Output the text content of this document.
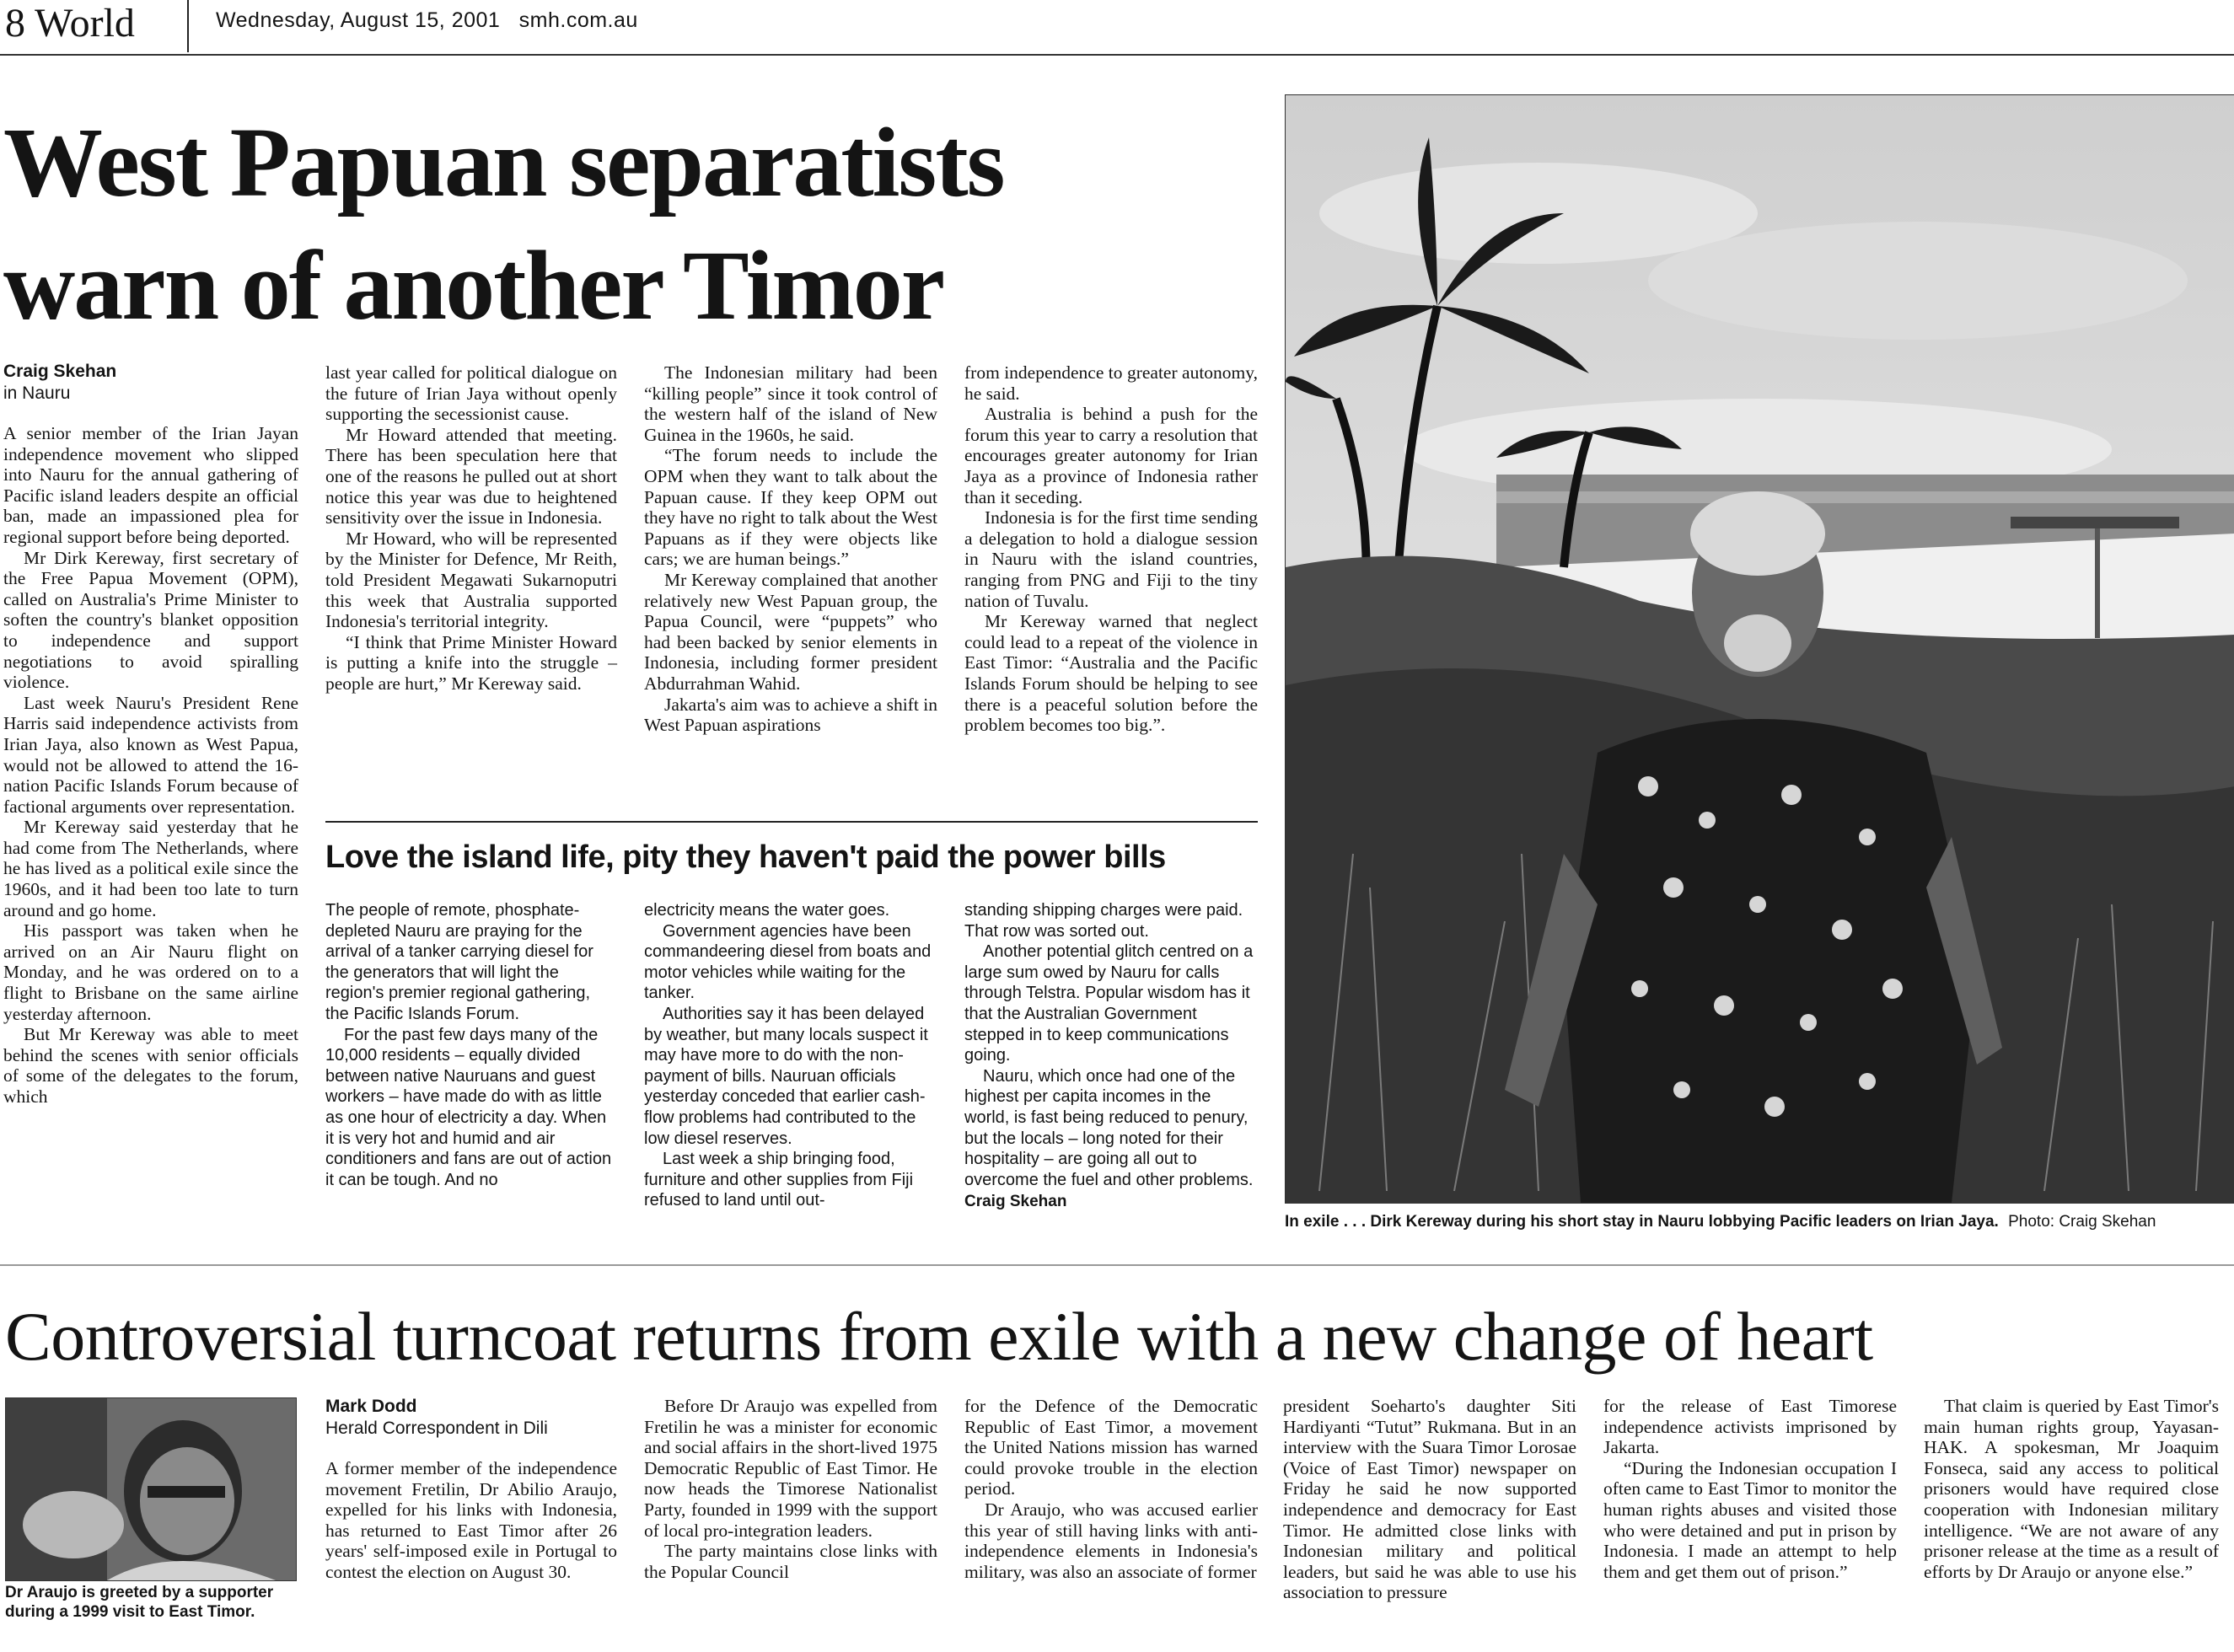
8 World	Wednesday, August 15, 2001   smh.com.au
West Papuan separatists
warn of another Timor
Craig Skehan
in Nauru

A senior member of the Irian Jayan independence movement who slipped into Nauru for the annual gathering of Pacific island leaders despite an official ban, made an impassioned plea for regional support before being deported.

Mr Dirk Kereway, first secretary of the Free Papua Movement (OPM), called on Australia's Prime Minister to soften the country's blanket opposition to independence and support negotiations to avoid spiralling violence.

Last week Nauru's President Rene Harris said independence activists from Irian Jaya, also known as West Papua, would not be allowed to attend the 16-nation Pacific Islands Forum because of factional arguments over representation.

Mr Kereway said yesterday that he had come from The Netherlands, where he has lived as a political exile since the 1960s, and it had been too late to turn around and go home.

His passport was taken when he arrived on an Air Nauru flight on Monday, and he was ordered on to a flight to Brisbane on the same airline yesterday afternoon.

But Mr Kereway was able to meet behind the scenes with senior officials of some of the delegates to the forum, which

last year called for political dialogue on the future of Irian Jaya without openly supporting the secessionist cause.

Mr Howard attended that meeting. There has been speculation here that one of the reasons he pulled out at short notice this year was due to heightened sensitivity over the issue in Indonesia.

Mr Howard, who will be represented by the Minister for Defence, Mr Reith, told President Megawati Sukarnoputri this week that Australia supported Indonesia's territorial integrity.

“I think that Prime Minister Howard is putting a knife into the struggle – people are hurt,” Mr Kereway said.

The Indonesian military had been “killing people” since it took control of the western half of the island of New Guinea in the 1960s, he said.

“The forum needs to include the OPM when they want to talk about the Papuan cause. If they keep OPM out they have no right to talk about the West Papuans as if they were objects like cars; we are human beings.”

Mr Kereway complained that another relatively new West Papuan group, the Papua Council, were “puppets” who had been backed by senior elements in Indonesia, including former president Abdurrahman Wahid.

Jakarta's aim was to achieve a shift in West Papuan aspirations

from independence to greater autonomy, he said.

Australia is behind a push for the forum this year to carry a resolution that encourages greater autonomy for Irian Jaya as a province of Indonesia rather than it seceding.

Indonesia is for the first time sending a delegation to hold a dialogue session in Nauru with the island countries, ranging from PNG and Fiji to the tiny nation of Tuvalu.

Mr Kereway warned that neglect could lead to a repeat of the violence in East Timor: “Australia and the Pacific Islands Forum should be helping to see there is a peaceful solution before the problem becomes too big.”.

Love the island life, pity they haven't paid the power bills

The people of remote, phosphate-depleted Nauru are praying for the arrival of a tanker carrying diesel for the generators that will light the region's premier regional gathering, the Pacific Islands Forum.

For the past few days many of the 10,000 residents – equally divided between native Nauruans and guest workers – have made do with as little as one hour of electricity a day. When it is very hot and humid and air conditioners and fans are out of action it can be tough. And no

electricity means the water goes.

Government agencies have been commandeering diesel from boats and motor vehicles while waiting for the tanker.

Authorities say it has been delayed by weather, but many locals suspect it may have more to do with the non-payment of bills. Nauruan officials yesterday conceded that earlier cash-flow problems had contributed to the low diesel reserves.

Last week a ship bringing food, furniture and other supplies from Fiji refused to land until out-

standing shipping charges were paid. That row was sorted out.

Another potential glitch centred on a large sum owed by Nauru for calls through Telstra. Popular wisdom has it that the Australian Government stepped in to keep communications going.

Nauru, which once had one of the highest per capita incomes in the world, is fast being reduced to penury, but the locals – long noted for their hospitality – are going all out to overcome the fuel and other problems.

Craig Skehan
In exile . . . Dirk Kereway during his short stay in Nauru lobbying Pacific leaders on Irian Jaya. Photo: Craig Skehan
Controversial turncoat returns from exile with a new change of heart
Dr Araujo is greeted by a supporter during a 1999 visit to East Timor.
Mark Dodd
Herald Correspondent in Dili

A former member of the independence movement Fretilin, Dr Abilio Araujo, expelled for his links with Indonesia, has returned to East Timor after 26 years' self-imposed exile in Portugal to contest the election on August 30.

Before Dr Araujo was expelled from Fretilin he was a minister for economic and social affairs in the short-lived 1975 Democratic Republic of East Timor. He now heads the Timorese Nationalist Party, founded in 1999 with the support of local pro-integration leaders.

The party maintains close links with the Popular Council

for the Defence of the Democratic Republic of East Timor, a movement the United Nations mission has warned could provoke trouble in the election period.

Dr Araujo, who was accused earlier this year of still having links with anti-independence elements in Indonesia's military, was also an associate of former

president Soeharto's daughter Siti Hardiyanti “Tutut” Rukmana. But in an interview with the Suara Timor Lorosae (Voice of East Timor) newspaper on Friday he said he now supported independence and democracy for East Timor. He admitted close links with Indonesian military and political leaders, but said he was able to use his association to pressure

for the release of East Timorese independence activists imprisoned by Jakarta.

“During the Indonesian occupation I often came to East Timor to monitor the human rights abuses and visited those who were detained and put in prison by Indonesia. I made an attempt to help them and get them out of prison.”

That claim is queried by East Timor's main human rights group, Yayasan-HAK. A spokesman, Mr Joaquim Fonseca, said any access to political prisoners would have required close cooperation with Indonesian military intelligence. “We are not aware of any prisoner release at the time as a result of efforts by Dr Araujo or anyone else.”
